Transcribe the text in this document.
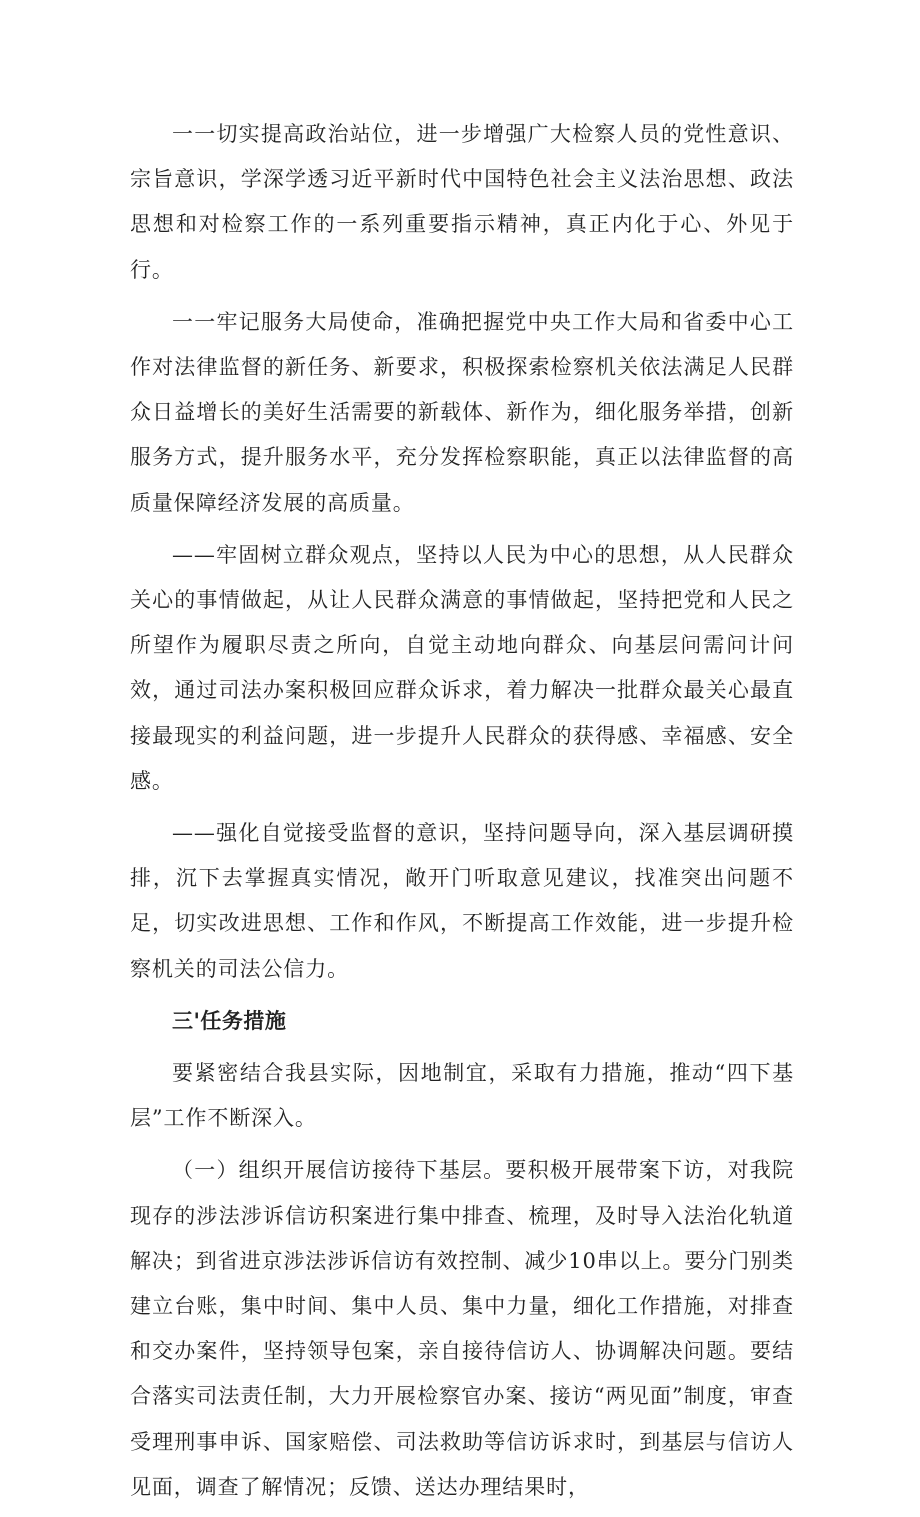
一一切实提高政治站位，进一步增强广大检察人员的党性意识、宗旨意识，学深学透习近平新时代中国特色社会主义法治思想、政法思想和对检察工作的一系列重要指示精神，真正内化于心、外见于行。

一一牢记服务大局使命，准确把握党中央工作大局和省委中心工作对法律监督的新任务、新要求，积极探索检察机关依法满足人民群众日益增长的美好生活需要的新载体、新作为，细化服务举措，创新服务方式，提升服务水平，充分发挥检察职能，真正以法律监督的高质量保障经济发展的高质量。

——牢固树立群众观点，坚持以人民为中心的思想，从人民群众关心的事情做起，从让人民群众满意的事情做起，坚持把党和人民之所望作为履职尽责之所向，自觉主动地向群众、向基层问需问计问效，通过司法办案积极回应群众诉求，着力解决一批群众最关心最直接最现实的利益问题，进一步提升人民群众的获得感、幸福感、安全感。

——强化自觉接受监督的意识，坚持问题导向，深入基层调研摸排，沉下去掌握真实情况，敞开门听取意见建议，找准突出问题不足，切实改进思想、工作和作风，不断提高工作效能，进一步提升检察机关的司法公信力。

三'任务措施

要紧密结合我县实际，因地制宜，采取有力措施，推动“四下基层”工作不断深入。

（一）组织开展信访接待下基层。要积极开展带案下访，对我院现存的涉法涉诉信访积案进行集中排查、梳理，及时导入法治化轨道解决；到省进京涉法涉诉信访有效控制、减少10串以上。要分门别类建立台账，集中时间、集中人员、集中力量，细化工作措施，对排查和交办案件，坚持领导包案，亲自接待信访人、协调解决问题。要结合落实司法责任制，大力开展检察官办案、接访“两见面”制度，审查受理刑事申诉、国家赔偿、司法救助等信访诉求时，到基层与信访人见面，调查了解情况；反馈、送达办理结果时，
